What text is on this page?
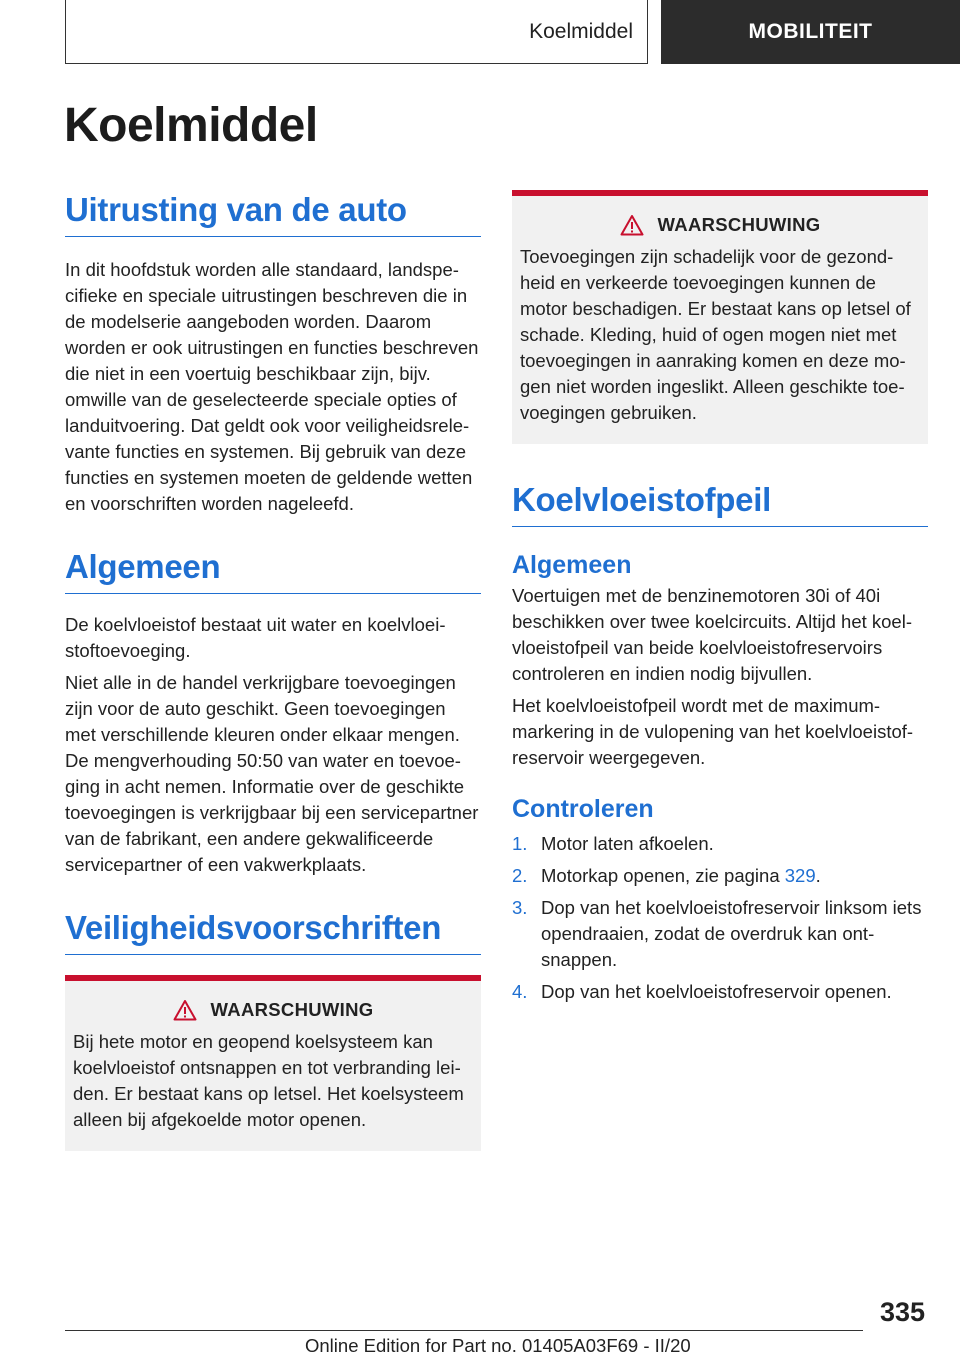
Koelmiddel	MOBILITEIT
Koelmiddel
Uitrusting van de auto

In dit hoofdstuk worden alle standaard, landspecifieke en speciale uitrustingen beschreven die in de modelserie aangeboden worden. Daarom worden er ook uitrustingen en functies beschreven die niet in een voertuig beschikbaar zijn, bijv. omwille van de geselecteerde speciale opties of landuitvoering. Dat geldt ook voor veiligheidsrelevante functies en systemen. Bij gebruik van deze functies en systemen moeten de geldende wetten en voorschriften worden nageleefd.

Algemeen

De koelvloeistof bestaat uit water en koelvloeistoftoevoeging.

Niet alle in de handel verkrijgbare toevoegingen zijn voor de auto geschikt. Geen toevoegingen met verschillende kleuren onder elkaar mengen. De mengverhouding 50:50 van water en toevoeging in acht nemen. Informatie over de geschikte toevoegingen is verkrijgbaar bij een servicepartner van de fabrikant, een andere gekwalificeerde servicepartner of een vakwerkplaats.

Veiligheidsvoorschriften
WAARSCHUWING

Bij hete motor en geopend koelsysteem kan koelvloeistof ontsnappen en tot verbranding leiden. Er bestaat kans op letsel. Het koelsysteem alleen bij afgekoelde motor openen.

WAARSCHUWING

Toevoegingen zijn schadelijk voor de gezondheid en verkeerde toevoegingen kunnen de motor beschadigen. Er bestaat kans op letsel of schade. Kleding, huid of ogen mogen niet met toevoegingen in aanraking komen en deze mogen niet worden ingeslikt. Alleen geschikte toevoegingen gebruiken.

Koelvloeistofpeil
Algemeen

Voertuigen met de benzinemotoren 30i of 40i beschikken over twee koelcircuits. Altijd het koelvloeistofpeil van beide koelvloeistofreservoirs controleren en indien nodig bijvullen.

Het koelvloeistofpeil wordt met de maximummarkering in de vulopening van het koelvloeistofreservoir weergegeven.

Controleren
1. Motor laten afkoelen.
2. Motorkap openen, zie pagina 329.
3. Dop van het koelvloeistofreservoir linksom iets opendraaien, zodat de overdruk kan ontsnappen.
4. Dop van het koelvloeistofreservoir openen.
335
Online Edition for Part no. 01405A03F69 - II/20
